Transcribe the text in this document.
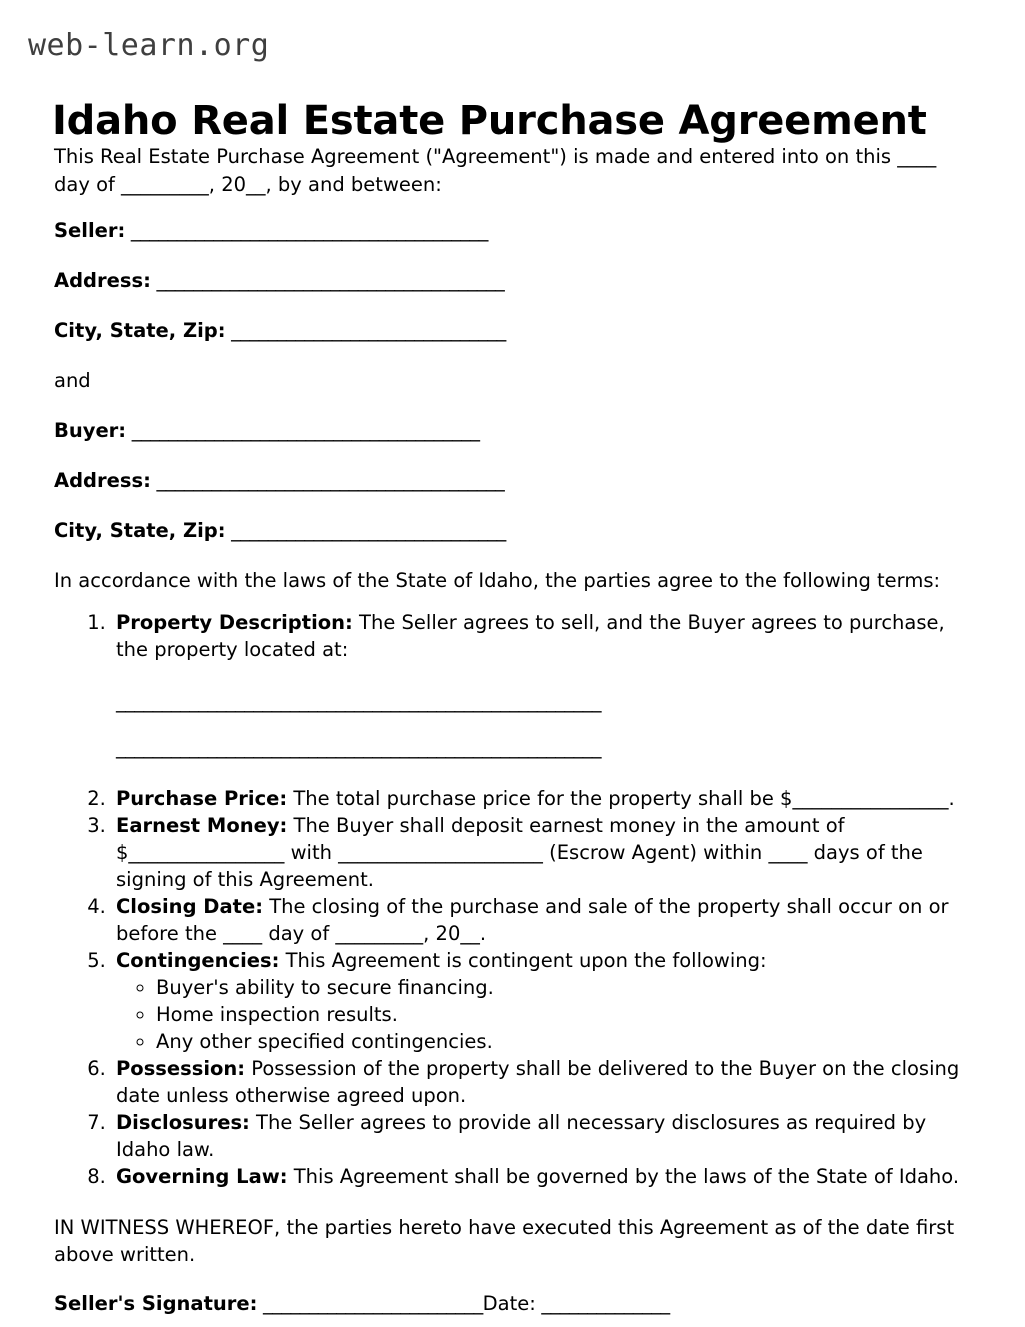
web-learn.org
Idaho Real Estate Purchase Agreement

This Real Estate Purchase Agreement ("Agreement") is made and entered into on this ____ day of _________, 20__, by and between:

Seller: _______________________________________

Address: ______________________________________

City, State, Zip: ______________________________

and

Buyer: ______________________________________

Address: ______________________________________

City, State, Zip: ______________________________

In accordance with the laws of the State of Idaho, the parties agree to the following terms:

1. Property Description: The Seller agrees to sell, and the Buyer agrees to purchase, the property located at:
_____________________________________________________
_____________________________________________________
2. Purchase Price: The total purchase price for the property shall be $________________.
3. Earnest Money: The Buyer shall deposit earnest money in the amount of $________________ with _____________________ (Escrow Agent) within ____ days of the signing of this Agreement.
4. Closing Date: The closing of the purchase and sale of the property shall occur on or before the ____ day of _________, 20__.
5. Contingencies: This Agreement is contingent upon the following:
◦ Buyer's ability to secure financing.
◦ Home inspection results.
◦ Any other specified contingencies.
6. Possession: Possession of the property shall be delivered to the Buyer on the closing date unless otherwise agreed upon.
7. Disclosures: The Seller agrees to provide all necessary disclosures as required by Idaho law.
8. Governing Law: This Agreement shall be governed by the laws of the State of Idaho.

IN WITNESS WHEREOF, the parties hereto have executed this Agreement as of the date first above written.

Seller's Signature: ________________________Date: ______________
